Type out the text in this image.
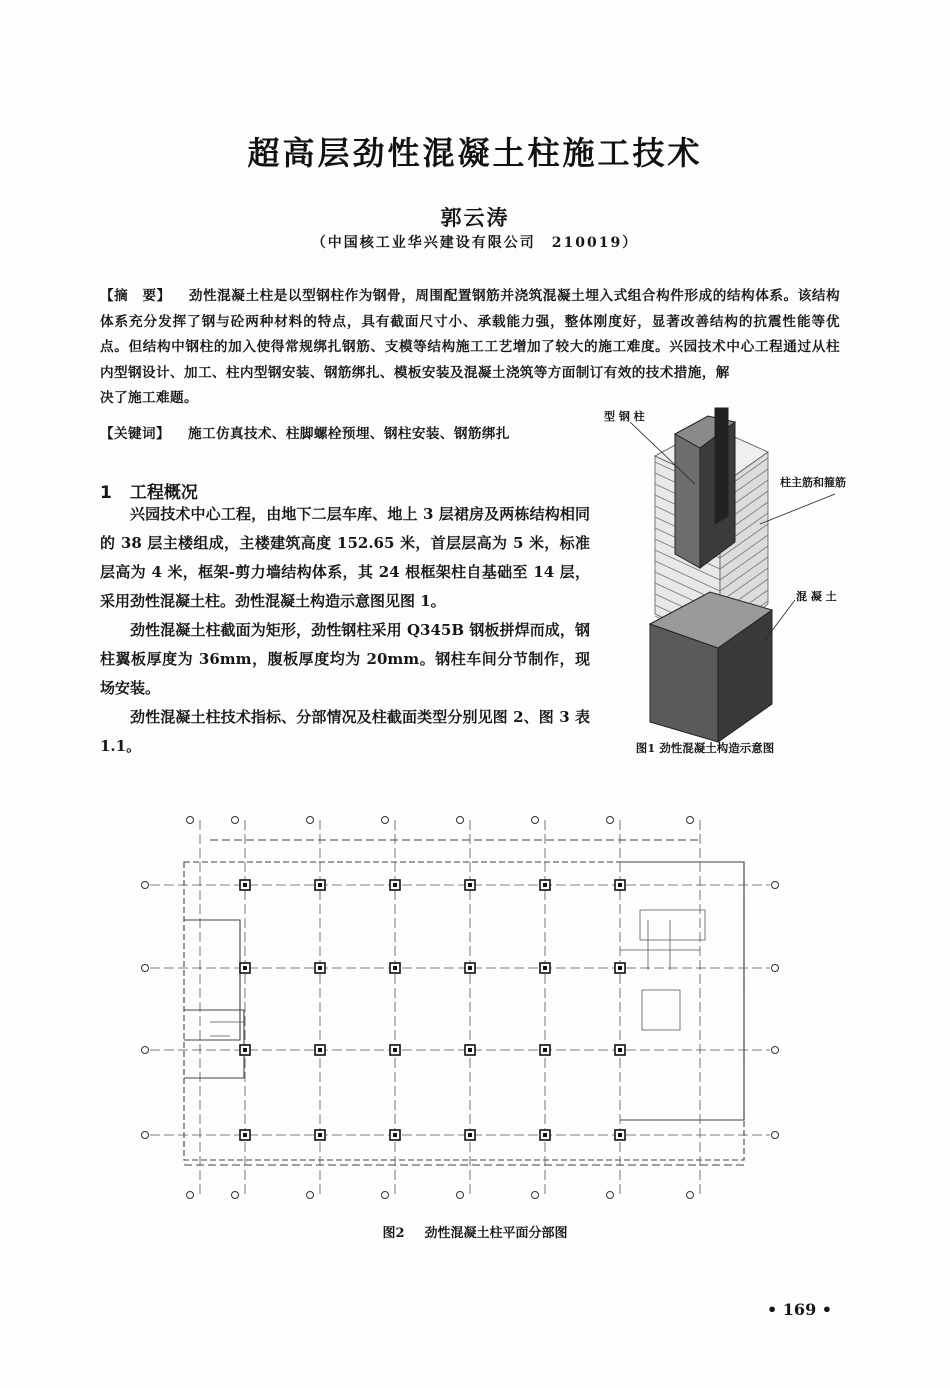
超高层劲性混凝土柱施工技术
郭云涛
（中国核工业华兴建设有限公司　210019）
【摘　要】 劲性混凝土柱是以型钢柱作为钢骨，周围配置钢筋并浇筑混凝土埋入式组合构件形成的结构体系。该结构体系充分发挥了钢与砼两种材料的特点，具有截面尺寸小、承载能力强，整体刚度好，显著改善结构的抗震性能等优点。但结构中钢柱的加入使得常规绑扎钢筋、支模等结构施工工艺增加了较大的施工难度。兴园技术中心工程通过从柱内型钢设计、加工、柱内型钢安装、钢筋绑扎、模板安装及混凝土浇筑等方面制订有效的技术措施，解
决了施工难题。
【关键词】 施工仿真技术、柱脚螺栓预埋、钢柱安装、钢筋绑扎
1 工程概况

兴园技术中心工程，由地下二层车库、地上 3 层裙房及两栋结构相同的 38 层主楼组成，主楼建筑高度 152.65 米，首层层高为 5 米，标准层高为 4 米，框架-剪力墙结构体系，其 24 根框架柱自基础至 14 层，采用劲性混凝土柱。劲性混凝土构造示意图见图 1。

劲性混凝土柱截面为矩形，劲性钢柱采用 Q345B 钢板拼焊而成，钢柱翼板厚度为 36mm，腹板厚度均为 20mm。钢柱车间分节制作，现场安装。

劲性混凝土柱技术指标、分部情况及柱截面类型分别见图 2、图 3 表 1.1。

型 钢 柱
柱主筋和箍筋
混 凝 土
图1 劲性混凝土构造示意图
图2 劲性混凝土柱平面分部图
• 169 •
